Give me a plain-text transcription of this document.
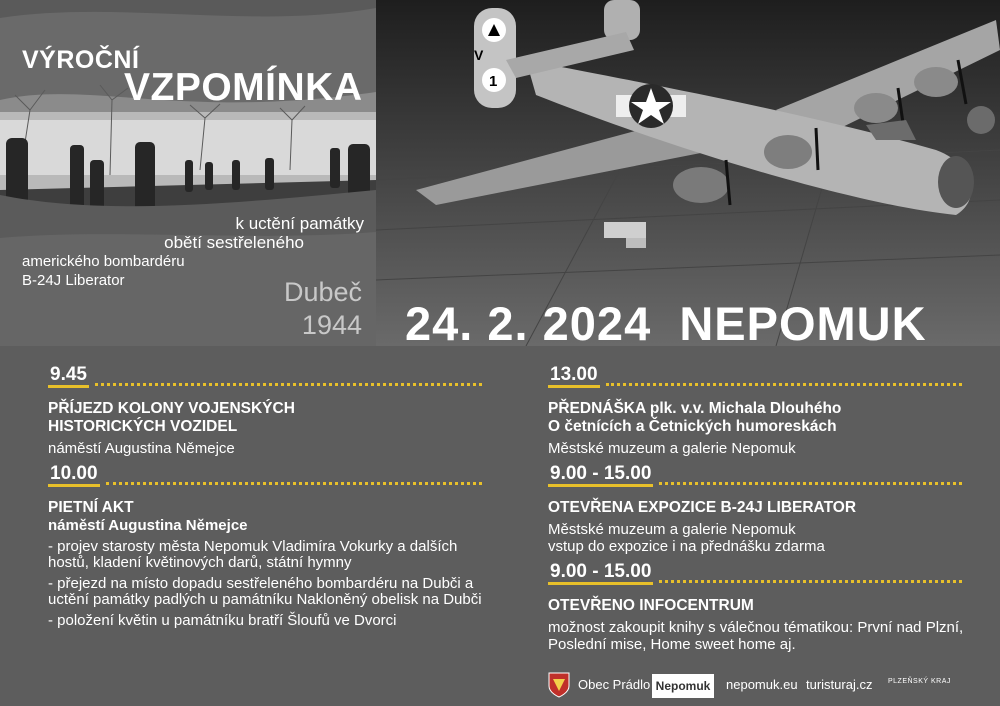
VÝROČNÍ
VZPOMÍNKA
k uctění památky
obětí sestřeleného
amerického bombardéru
B-24J Liberator	Dubeč
1944
V
1
24. 2. 2024  NEPOMUK
9.45
PŘÍJEZD KOLONY VOJENSKÝCH
HISTORICKÝCH VOZIDEL
náměstí Augustina Němejce
10.00
PIETNÍ AKT
náměstí Augustina Němejce
- projev starosty města Nepomuk Vladimíra Vokurky a dalších hostů, kladení květinových darů, státní hymny
- přejezd na místo dopadu sestřeleného bombardéru na Dubči a uctění památky padlých u památníku Nakloněný obelisk na Dubči
- položení květin u památníku bratří Šloufů ve Dvorci
13.00
PŘEDNÁŠKA plk. v.v. Michala Dlouhého
O četnících a Četnických humoreskách
Městské muzeum a galerie Nepomuk
9.00 - 15.00
OTEVŘENA EXPOZICE B-24J LIBERATOR
Městské muzeum a galerie Nepomuk
vstup do expozice i na přednášku zdarma
9.00 - 15.00
OTEVŘENO INFOCENTRUM
možnost zakoupit knihy s válečnou tématikou: První nad Plzní, Poslední mise, Home sweet home aj.
Obec Prádlo Nepomuk nepomuk.eu turisturaj.cz PLZEŇSKÝ KRAJ
